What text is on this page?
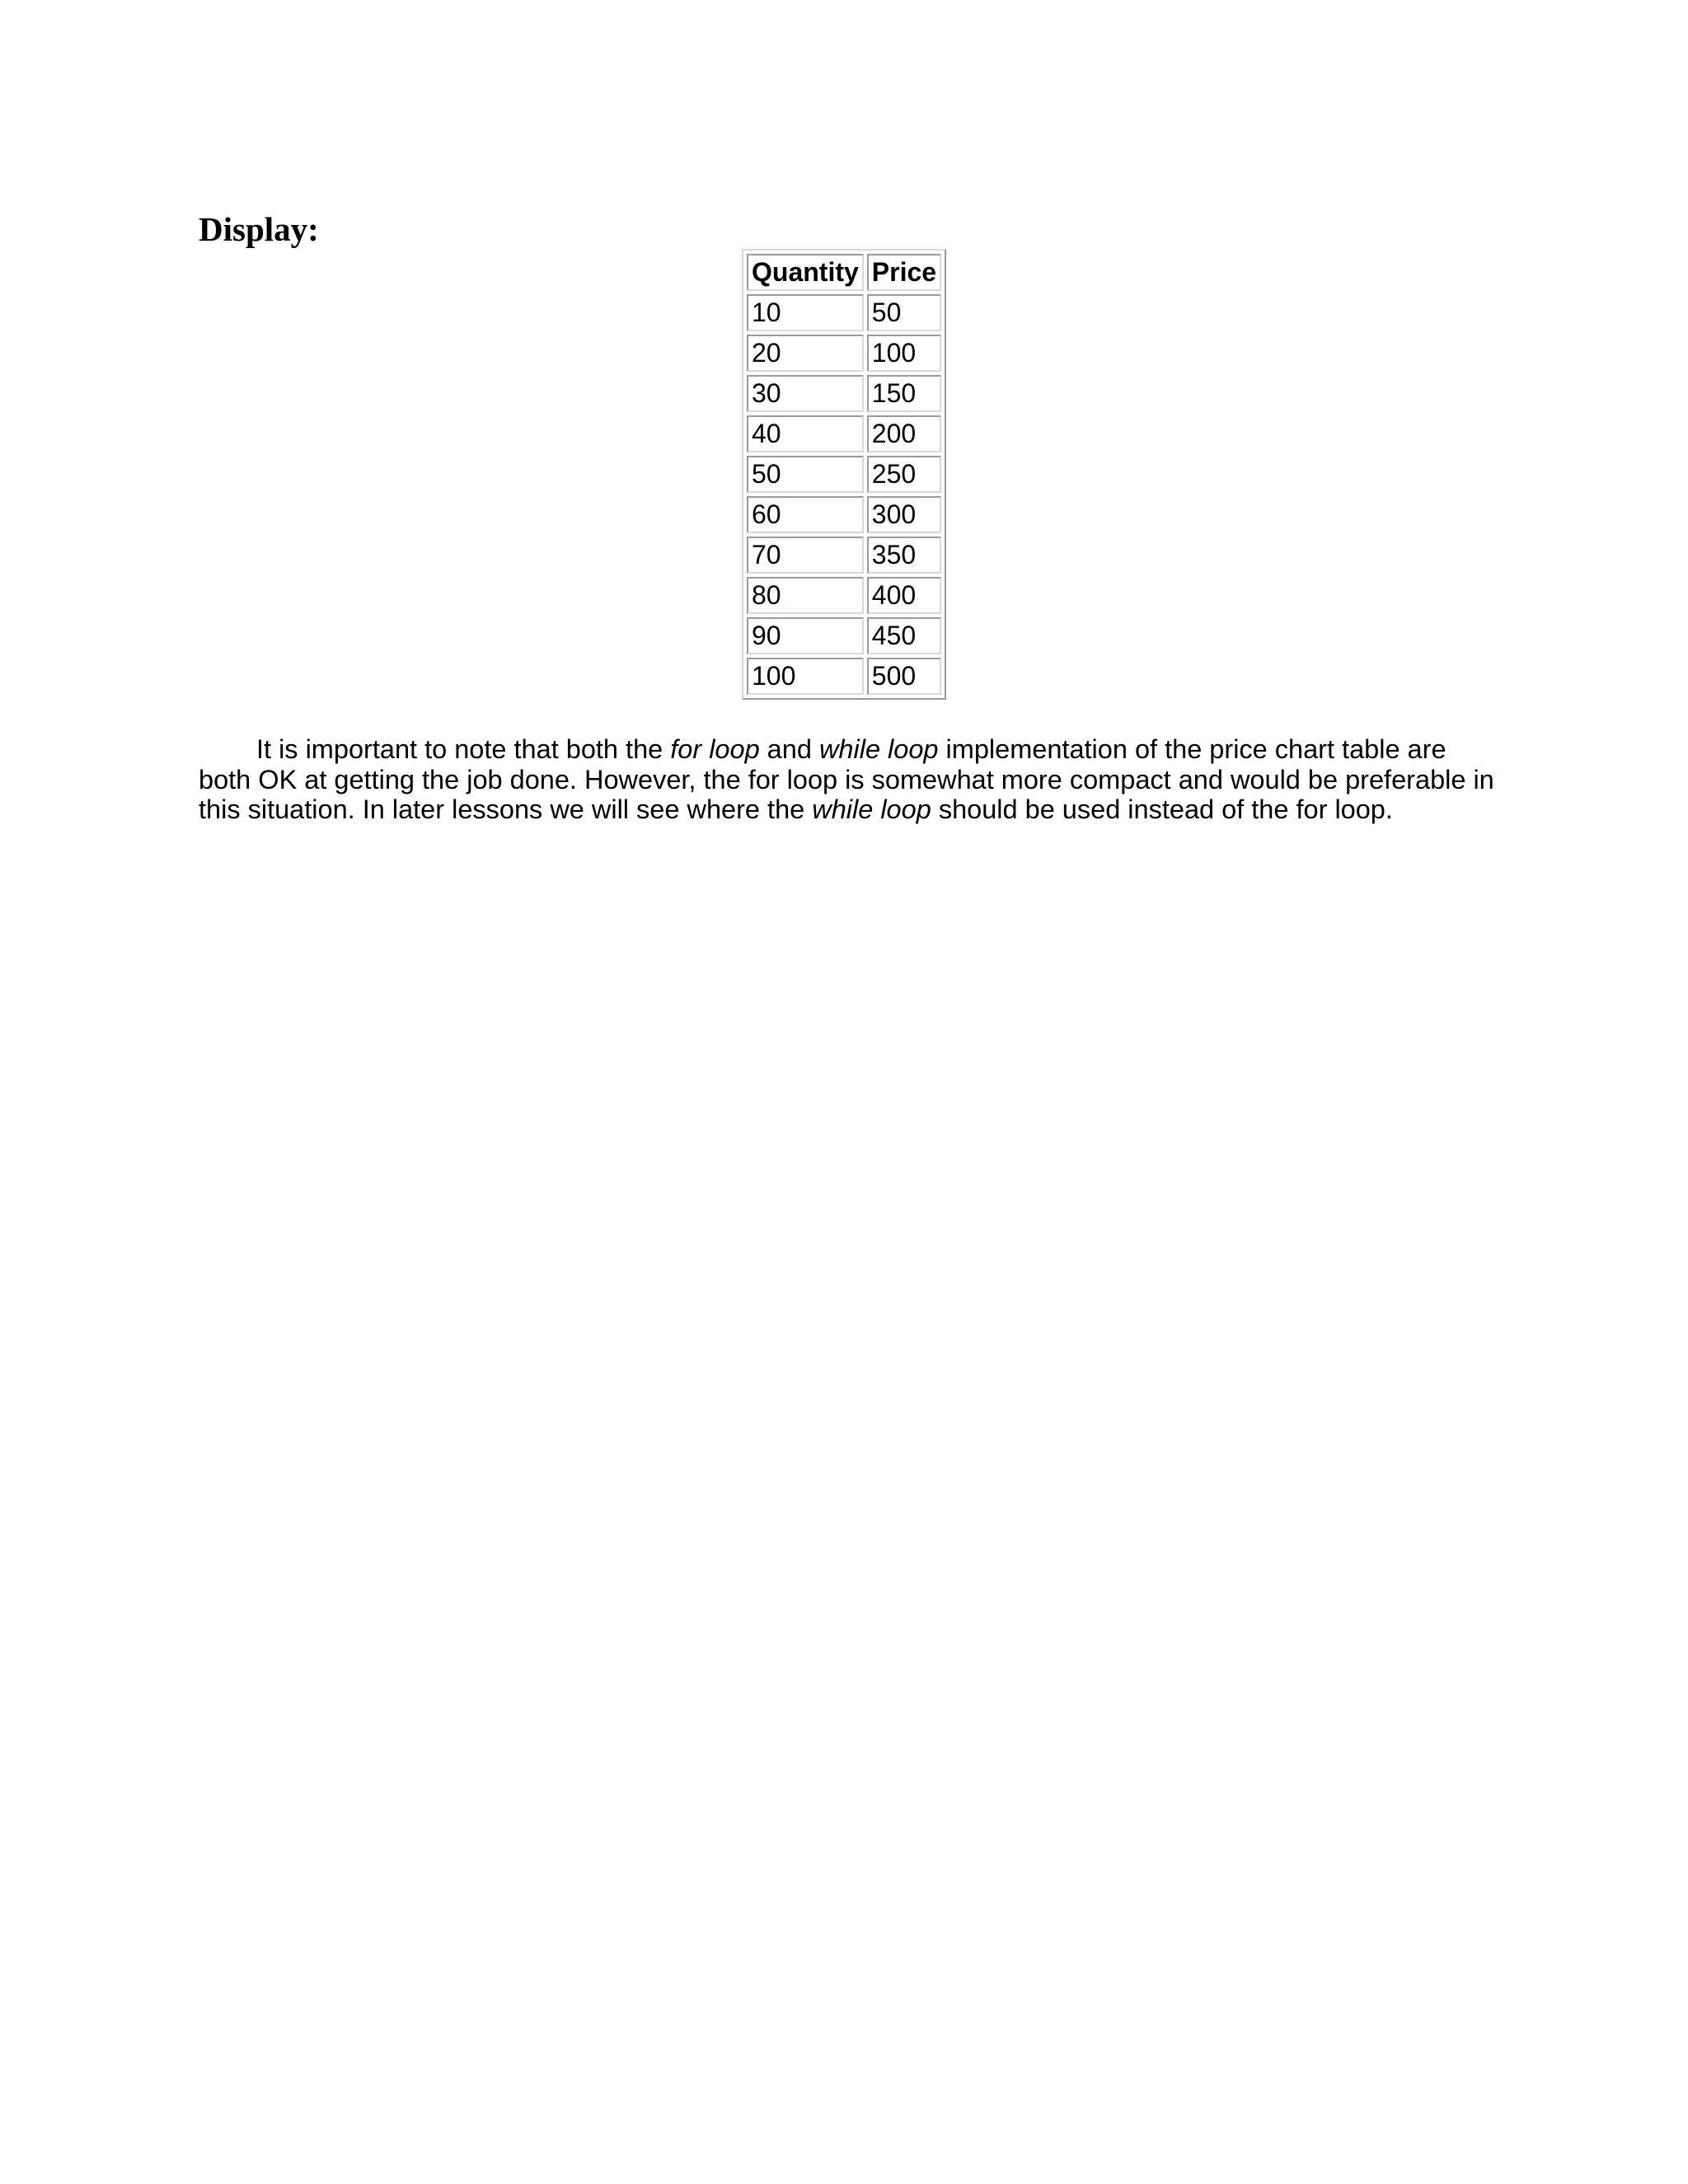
Display:
Quantity	Price
10	50
20	100
30	150
40	200
50	250
60	300
70	350
80	400
90	450
100	500

It is important to note that both the for loop and while loop implementation of the price chart table are both OK at getting the job done. However, the for loop is somewhat more compact and would be preferable in this situation. In later lessons we will see where the while loop should be used instead of the for loop.
